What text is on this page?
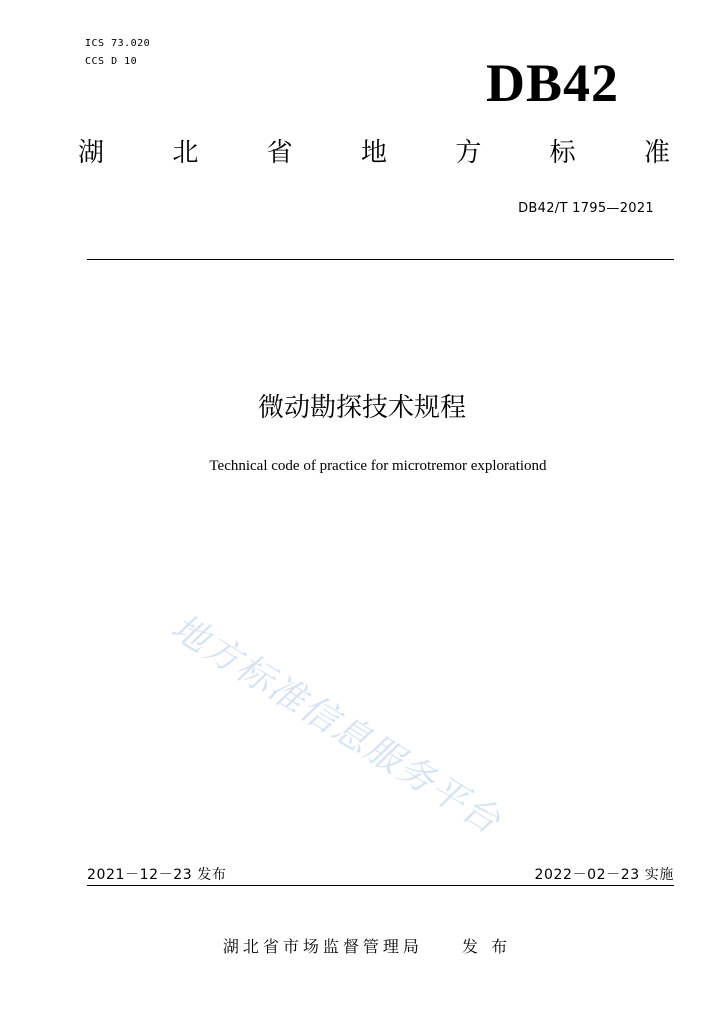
ICS 73.020
CCS D 10	DB42
湖	北	省	地	方	标	准
DB42/T 1795—2021
微动勘探技术规程
Technical code of practice for microtremor explorationd
地方标准信息服务平台
2021－12－23 发布	2022－02－23 实施
湖北省市场监督管理局 发 布
